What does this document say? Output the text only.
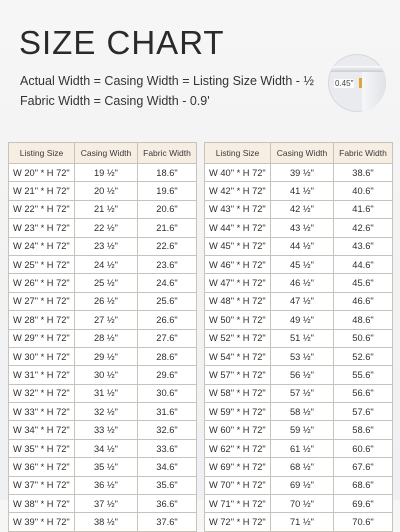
SIZE CHART
Actual Width = Casing Width = Listing Size Width - ½
Fabric Width = Casing Width - 0.9'
0.45"
Listing Size	Casing Width	Fabric Width
W 20" * H 72"	19 ½"	18.6"
W 21" * H 72"	20 ½"	19.6"
W 22" * H 72"	21 ½"	20.6"
W 23" * H 72"	22 ½"	21.6"
W 24" * H 72"	23 ½"	22.6"
W 25" * H 72"	24 ½"	23.6"
W 26" * H 72"	25 ½"	24.6"
W 27" * H 72"	26 ½"	25.6"
W 28" * H 72"	27 ½"	26.6"
W 29" * H 72"	28 ½"	27.6"
W 30" * H 72"	29 ½"	28.6"
W 31" * H 72"	30 ½"	29.6"
W 32" * H 72"	31 ½"	30.6"
W 33" * H 72"	32 ½"	31.6"
W 34" * H 72"	33 ½"	32.6"
W 35" * H 72"	34 ½"	33.6"
W 36" * H 72"	35 ½"	34.6"
W 37" * H 72"	36 ½"	35.6"
W 38" * H 72"	37 ½"	36.6"
W 39" * H 72"	38 ½"	37.6"
Listing Size	Casing Width	Fabric Width
W 40" * H 72"	39 ½"	38.6"
W 42" * H 72"	41 ½"	40.6"
W 43" * H 72"	42 ½"	41.6"
W 44" * H 72"	43 ½"	42.6"
W 45" * H 72"	44 ½"	43.6"
W 46" * H 72"	45 ½"	44.6"
W 47" * H 72"	46 ½"	45.6"
W 48" * H 72"	47 ½"	46.6"
W 50" * H 72"	49 ½"	48.6"
W 52" * H 72"	51 ½"	50.6"
W 54" * H 72"	53 ½"	52.6"
W 57" * H 72"	56 ½"	55.6"
W 58" * H 72"	57 ½"	56.6"
W 59" * H 72"	58 ½"	57.6"
W 60" * H 72"	59 ½"	58.6"
W 62" * H 72"	61 ½"	60.6"
W 69" * H 72"	68 ½"	67.6"
W 70" * H 72"	69 ½"	68.6"
W 71" * H 72"	70 ½"	69.6"
W 72" * H 72"	71 ½"	70.6"
